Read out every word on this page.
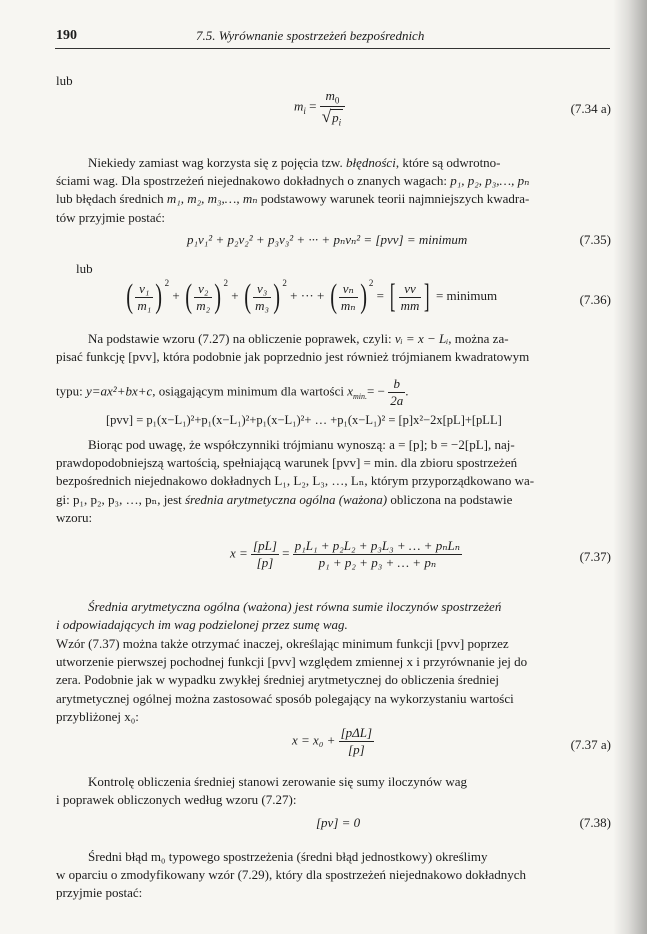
190	7.5. Wyrównanie spostrzeżeń bezpośrednich
lub
$m_i = \frac{m_0}{√p_i}$	(7.34 a)
Niekiedy zamiast wag korzysta się z pojęcia tzw. błędności, które są odwrotno-
ściami wag. Dla spostrzeżeń niejednakowo dokładnych o znanych wagach: p₁, p₂, p₃,…, pₙ
lub błędach średnich m₁, m₂, m₃,…, mₙ podstawowy warunek teorii najmniejszych kwadra-
tów przyjmie postać:
p₁v₁² + p₂v₂² + p₃v₃² + ··· + pₙvₙ² = [pvv] = minimum	(7.35)
lub
( $\frac{\text{v₁}}{\text{m₁}}$ ) $^2$ + ( $\frac{\text{v₂}}{\text{m₂}}$ ) $^2$ + ( $\frac{\text{v₃}}{\text{m₃}}$ ) $^2$ + ··· + ( $\frac{\text{vₙ}}{\text{mₙ}}$ ) $^2$ = [ $\frac{vv}{mm}$ ] = minimum	(7.36)
Na podstawie wzoru (7.27) na obliczenie poprawek, czyli: vᵢ = x − Lᵢ, można za-
pisać funkcję [pvv], która podobnie jak poprzednio jest również trójmianem kwadratowym
typu: y=ax²+bx+c, osiągającym minimum dla wartości $x_{min.}= - \frac{b}{2a}$ .
[pvv] = p₁(x−L₁)²+p₁(x−L₁)²+p₁(x−L₁)²+ … +p₁(x−L₁)² = [p]x²−2x[pL]+[pLL]
Biorąc pod uwagę, że współczynniki trójmianu wynoszą: a = [p]; b = −2[pL], naj-
prawdopodobniejszą wartością, spełniającą warunek [pvv] = min. dla zbioru spostrzeżeń
bezpośrednich niejednakowo dokładnych L₁, L₂, L₃, …, Lₙ, którym przyporządkowano wa-
gi: p₁, p₂, p₃, …, pₙ, jest średnia arytmetyczna ogólna (ważona) obliczona na podstawie
wzoru:
$x = \frac{[pL]}{[p]} = \frac{\text{p₁L₁ + p₂L₂ + p₃L₃ + … + pₙLₙ}}{\text{p₁ + p₂ + p₃ + … + pₙ}}$	(7.37)
Średnia arytmetyczna ogólna (ważona) jest równa sumie iloczynów spostrzeżeń
i odpowiadających im wag podzielonej przez sumę wag.
Wzór (7.37) można także otrzymać inaczej, określając minimum funkcji [pvv] poprzez
utworzenie pierwszej pochodnej funkcji [pvv] względem zmiennej x i przyrównanie jej do
zera. Podobnie jak w wypadku zwykłej średniej arytmetycznej do obliczenia średniej
arytmetycznej ogólnej można zastosować sposób polegający na wykorzystaniu wartości
przybliżonej x₀:
$x = x_0 + \frac{\text{[pΔL]}}{[p]}$	(7.37 a)
Kontrolę obliczenia średniej stanowi zerowanie się sumy iloczynów wag
i poprawek obliczonych według wzoru (7.27):
[pv] = 0	(7.38)
Średni błąd m₀ typowego spostrzeżenia (średni błąd jednostkowy) określimy
w oparciu o zmodyfikowany wzór (7.29), który dla spostrzeżeń niejednakowo dokładnych
przyjmie postać:
